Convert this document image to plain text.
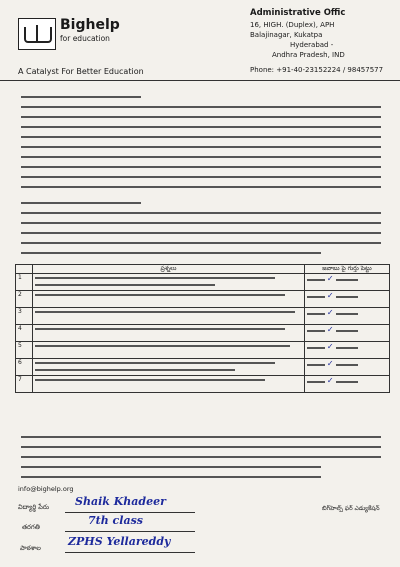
Bighelp
for education
A Catalyst For Better Education
Administrative Offic
16, HIGH. (Duplex), APH
Balajinagar, Kukatpa
Hyderabad -
Andhra Pradesh, IND
Phone: +91-40-23152224 / 98457577
	ప్రశ్నలు	జవాబు పై గుర్తు పెట్టు
1		✓
2		✓
3		✓
4		✓
5		✓
6		✓
7		✓
info@bighelp.org
విద్యార్థి పేరు Shaik Khadeer
తరగతి	7th class
పాఠశాల ZPHS Yellareddy
బిగ్‌హెల్ప్ ఫర్ ఎడ్యుకేషన్
